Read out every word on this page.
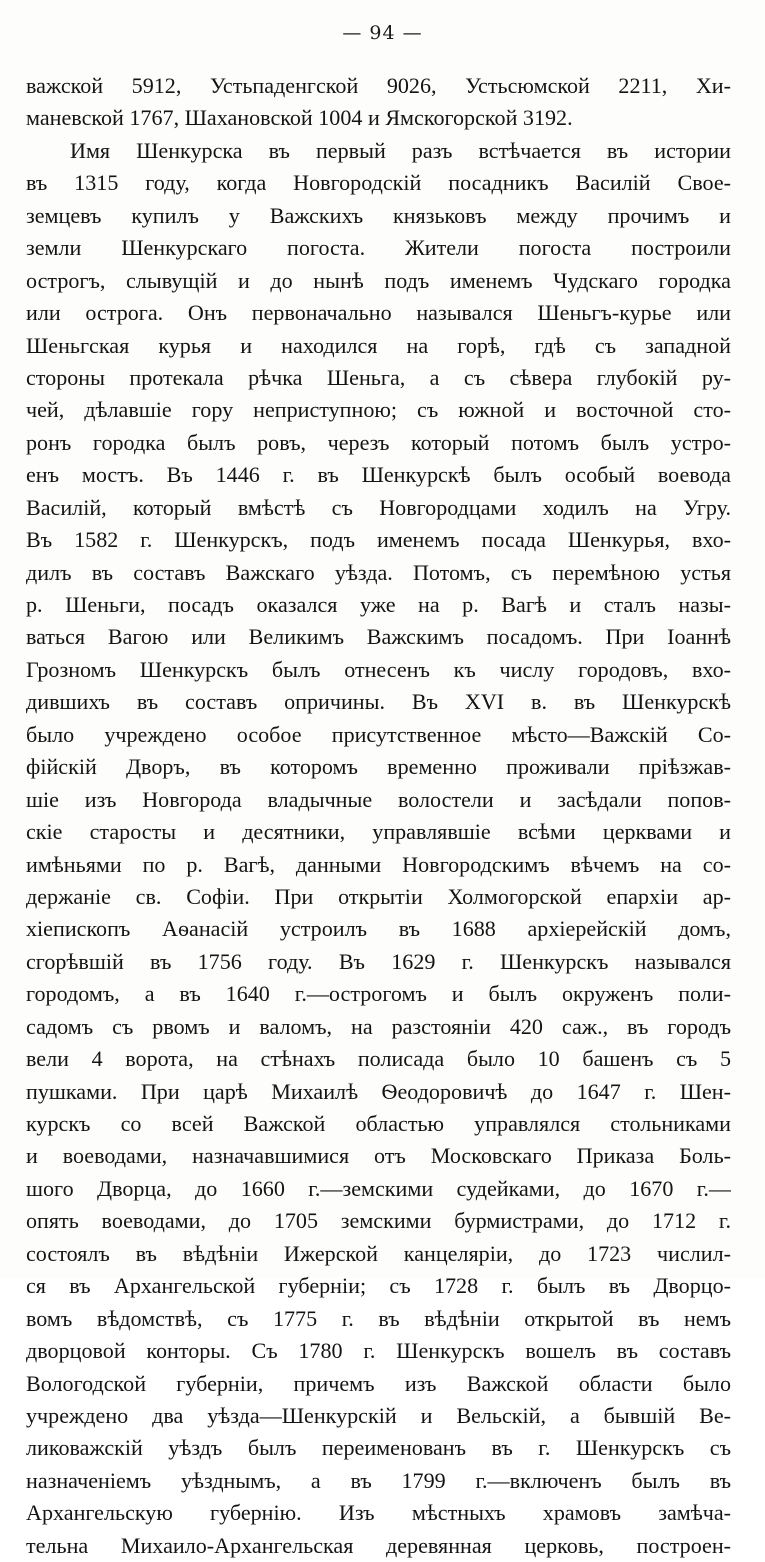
— 94 —
важской 5912, Устьпаденгской 9026, Устьсюмской 2211, Хи-
маневской 1767, Шахановской 1004 и Ямскогорской 3192.
Имя Шенкурска въ первый разъ встѣчается въ истории
въ 1315 году, когда Новгородскій посадникъ Василій Свое-
земцевъ купилъ у Важскихъ князьковъ между прочимъ и
земли Шенкурскаго погоста. Жители погоста построили
острогъ, слывущій и до нынѣ подъ именемъ Чудскаго городка
или острога. Онъ первоначально назывался Шеньгъ-курье или
Шеньгская курья и находился на горѣ, гдѣ съ западной
стороны протекала рѣчка Шеньга, а съ сѣвера глубокій ру-
чей, дѣлавшіе гору неприступною; съ южной и восточной сто-
ронъ городка былъ ровъ, черезъ который потомъ былъ устро-
енъ мостъ. Въ 1446 г. въ Шенкурскѣ былъ особый воевода
Василій, который вмѣстѣ съ Новгородцами ходилъ на Угру.
Въ 1582 г. Шенкурскъ, подъ именемъ посада Шенкурья, вхо-
дилъ въ составъ Важскаго уѣзда. Потомъ, съ перемѣною устья
р. Шеньги, посадъ оказался уже на р. Вагѣ и сталъ назы-
ваться Вагою или Великимъ Важскимъ посадомъ. При Іоаннѣ
Грозномъ Шенкурскъ былъ отнесенъ къ числу городовъ, вхо-
дившихъ въ составъ опричины. Въ XVI в. въ Шенкурскѣ
было учреждено особое присутственное мѣсто—Важскій Со-
фійскій Дворъ, въ которомъ временно проживали пріѣзжав-
шіе изъ Новгорода владычные волостели и засѣдали попов-
скіе старосты и десятники, управлявшіе всѣми церквами и
имѣньями по р. Вагѣ, данными Новгородскимъ вѣчемъ на со-
держаніе св. Софіи. При открытіи Холмогорской епархіи ар-
хіепископъ Аѳанасій устроилъ въ 1688 архіерейскій домъ,
сгорѣвшій въ 1756 году. Въ 1629 г. Шенкурскъ назывался
городомъ, а въ 1640 г.—острогомъ и былъ окруженъ поли-
садомъ съ рвомъ и валомъ, на разстояніи 420 саж., въ городъ
вели 4 ворота, на стѣнахъ полисада было 10 башенъ съ 5
пушками. При царѣ Михаилѣ Ѳеодоровичѣ до 1647 г. Шен-
курскъ со всей Важской областью управлялся стольниками
и воеводами, назначавшимися отъ Московскаго Приказа Боль-
шого Дворца, до 1660 г.—земскими судейками, до 1670 г.—
опять воеводами, до 1705 земскими бурмистрами, до 1712 г.
состоялъ въ вѣдѣніи Ижерской канцеляріи, до 1723 числил-
ся въ Архангельской губерніи; съ 1728 г. былъ въ Дворцо-
вомъ вѣдомствѣ, съ 1775 г. въ вѣдѣніи открытой въ немъ
дворцовой конторы. Съ 1780 г. Шенкурскъ вошелъ въ составъ
Вологодской губерніи, причемъ изъ Важской области было
учреждено два уѣзда—Шенкурскій и Вельскій, а бывшій Ве-
ликоважскій уѣздъ былъ переименованъ въ г. Шенкурскъ съ
назначеніемъ уѣзднымъ, а въ 1799 г.—включенъ былъ въ
Архангельскую губернію. Изъ мѣстныхъ храмовъ замѣча-
тельна Михаило-Архангельская деревянная церковь, построен-
